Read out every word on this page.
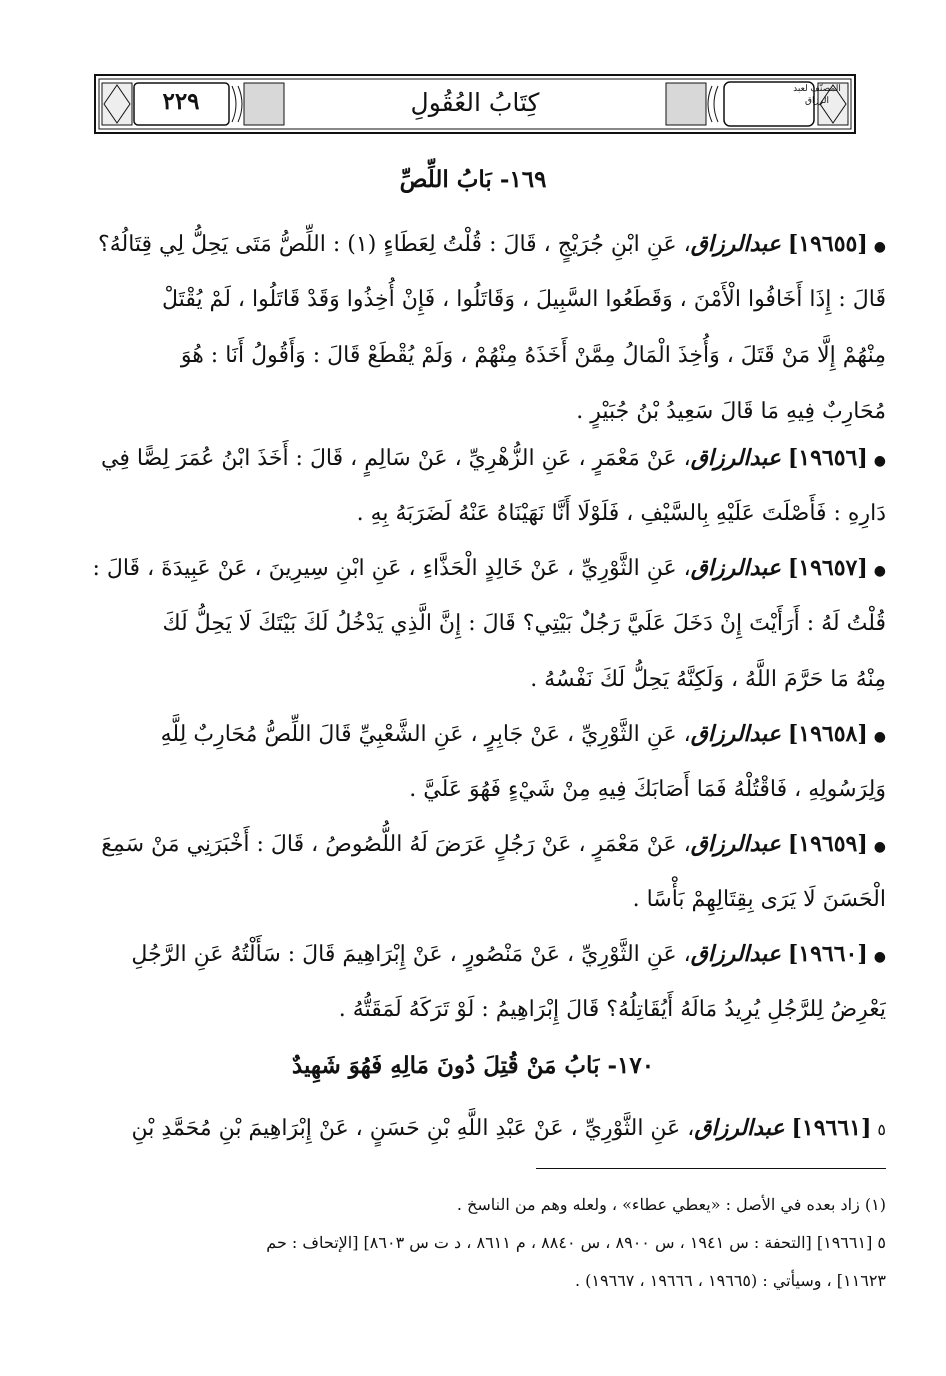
كِتَابُ العُقُولِ
٢٢٩	المصنّف لعبد الرزاق
١٦٩- بَابُ اللِّصِّ
●[١٩٦٥٥] عبدالرزاق، عَنِ ابْنِ جُرَيْجٍ ، قَالَ : قُلْتُ لِعَطَاءٍ (١) : اللِّصُّ مَتَى يَحِلُّ لِي قِتَالُهُ؟
قَالَ : إِذَا أَخَافُوا الْأَمْنَ ، وَقَطَعُوا السَّبِيلَ ، وَقَاتَلُوا ، فَإِنْ أُخِذُوا وَقَدْ قَاتَلُوا ، لَمْ يُقْتَلْ
مِنْهُمْ إِلَّا مَنْ قَتَلَ ، وَأُخِذَ الْمَالُ مِمَّنْ أَخَذَهُ مِنْهُمْ ، وَلَمْ يُقْطَعْ قَالَ : وَأَقُولُ أَنَا : هُوَ
مُحَارِبٌ فِيهِ مَا قَالَ سَعِيدُ بْنُ جُبَيْرٍ .
●[١٩٦٥٦] عبدالرزاق، عَنْ مَعْمَرٍ ، عَنِ الزُّهْرِيِّ ، عَنْ سَالِمٍ ، قَالَ : أَخَذَ ابْنُ عُمَرَ لِصًّا فِي
دَارِهِ : فَأَصْلَتَ عَلَيْهِ بِالسَّيْفِ ، فَلَوْلَا أَنَّا نَهَيْنَاهُ عَنْهُ لَضَرَبَهُ بِهِ .
●[١٩٦٥٧] عبدالرزاق، عَنِ الثَّوْرِيِّ ، عَنْ خَالِدٍ الْحَذَّاءِ ، عَنِ ابْنِ سِيرِينَ ، عَنْ عَبِيدَةَ ، قَالَ :
قُلْتُ لَهُ : أَرَأَيْتَ إِنْ دَخَلَ عَلَيَّ رَجُلٌ بَيْتِي؟ قَالَ : إِنَّ الَّذِي يَدْخُلُ لَكَ بَيْتَكَ لَا يَحِلُّ لَكَ
مِنْهُ مَا حَرَّمَ اللَّهُ ، وَلَكِنَّهُ يَحِلُّ لَكَ نَفْسُهُ .
●[١٩٦٥٨] عبدالرزاق، عَنِ الثَّوْرِيِّ ، عَنْ جَابِرٍ ، عَنِ الشَّعْبِيِّ قَالَ اللِّصُّ مُحَارِبٌ لِلَّهِ
وَلِرَسُولِهِ ، فَاقْتُلْهُ فَمَا أَصَابَكَ فِيهِ مِنْ شَيْءٍ فَهُوَ عَلَيَّ .
●[١٩٦٥٩] عبدالرزاق، عَنْ مَعْمَرٍ ، عَنْ رَجُلٍ عَرَضَ لَهُ اللُّصُوصُ ، قَالَ : أَخْبَرَنِي مَنْ سَمِعَ
الْحَسَنَ لَا يَرَى بِقِتَالِهِمْ بَأْسًا .
●[١٩٦٦٠] عبدالرزاق، عَنِ الثَّوْرِيِّ ، عَنْ مَنْصُورٍ ، عَنْ إِبْرَاهِيمَ قَالَ : سَأَلْتُهُ عَنِ الرَّجُلِ
يَعْرِضُ لِلرَّجُلِ يُرِيدُ مَالَهُ أَيُقَاتِلُهُ؟ قَالَ إِبْرَاهِيمُ : لَوْ تَرَكَهُ لَمَقَتُّهُ .
١٧٠- بَابُ مَنْ قُتِلَ دُونَ مَالِهِ فَهُوَ شَهِيدٌ
٥[١٩٦٦١] عبدالرزاق، عَنِ الثَّوْرِيِّ ، عَنْ عَبْدِ اللَّهِ بْنِ حَسَنٍ ، عَنْ إِبْرَاهِيمَ بْنِ مُحَمَّدِ بْنِ
(١) زاد بعده في الأصل : «يعطي عطاء» ، ولعله وهم من الناسخ .
٥ [١٩٦٦١] [التحفة : س ١٩٤١ ، س ٨٩٠٠ ، س ٨٨٤٠ ، م ٨٦١١ ، د ت س ٨٦٠٣] [الإتحاف : حم
١١٦٢٣] ، وسيأتي : (١٩٦٦٥ ، ١٩٦٦٦ ، ١٩٦٦٧) .
